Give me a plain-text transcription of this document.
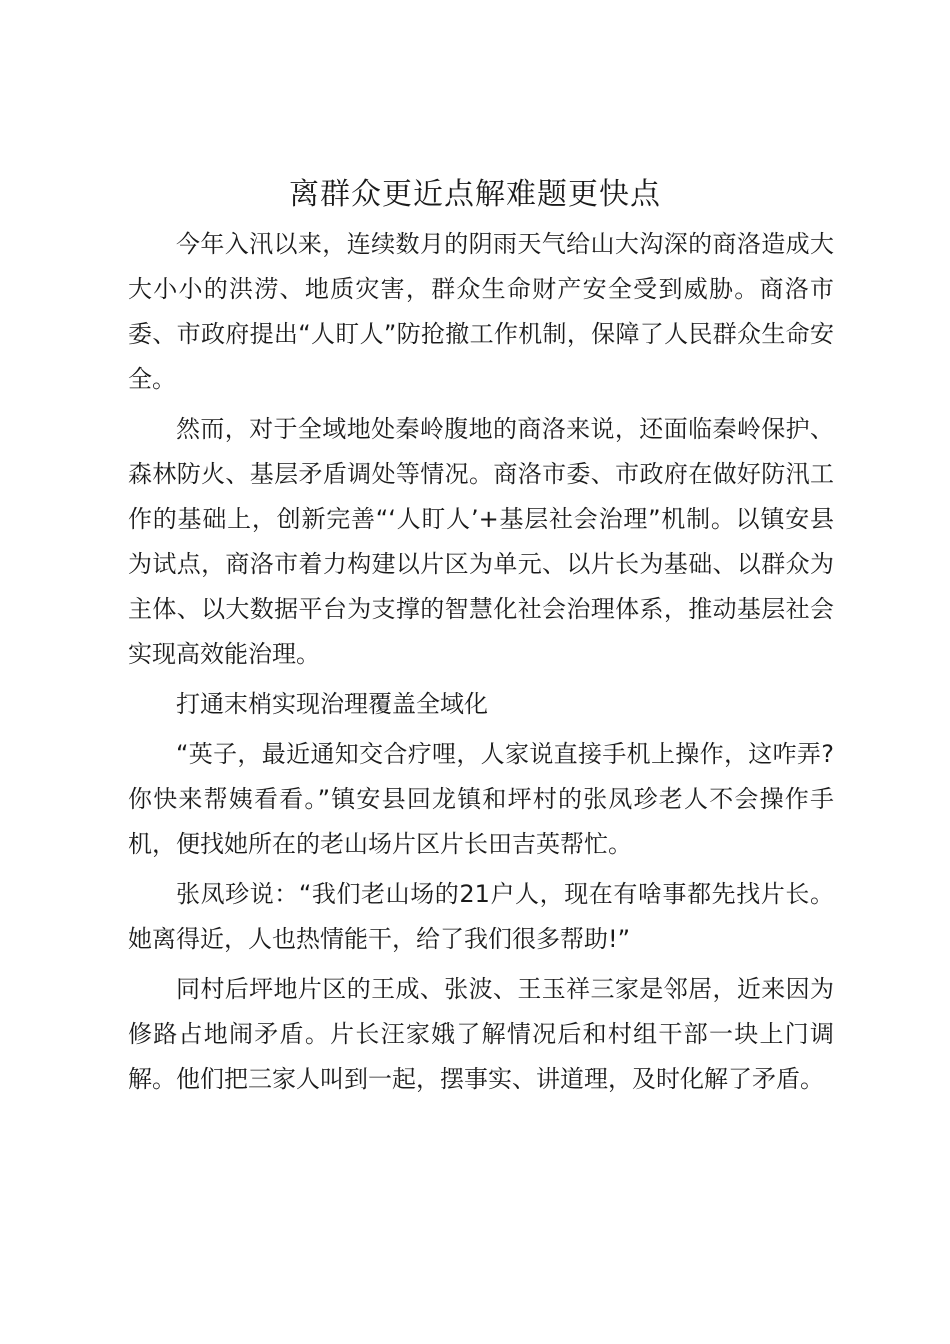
离群众更近点解难题更快点

今年入汛以来，连续数月的阴雨天气给山大沟深的商洛造成大大小小的洪涝、地质灾害，群众生命财产安全受到威胁。商洛市委、市政府提出“人盯人”防抢撤工作机制，保障了人民群众生命安全。

然而，对于全域地处秦岭腹地的商洛来说，还面临秦岭保护、森林防火、基层矛盾调处等情况。商洛市委、市政府在做好防汛工作的基础上，创新完善“‘人盯人’+基层社会治理”机制。以镇安县为试点，商洛市着力构建以片区为单元、以片长为基础、以群众为主体、以大数据平台为支撑的智慧化社会治理体系，推动基层社会实现高效能治理。

打通末梢实现治理覆盖全域化

“英子，最近通知交合疗哩，人家说直接手机上操作，这咋弄?你快来帮姨看看。”镇安县回龙镇和坪村的张凤珍老人不会操作手机，便找她所在的老山场片区片长田吉英帮忙。

张凤珍说：“我们老山场的21户人，现在有啥事都先找片长。她离得近，人也热情能干，给了我们很多帮助!”

同村后坪地片区的王成、张波、王玉祥三家是邻居，近来因为修路占地闹矛盾。片长汪家娥了解情况后和村组干部一块上门调解。他们把三家人叫到一起，摆事实、讲道理，及时化解了矛盾。
